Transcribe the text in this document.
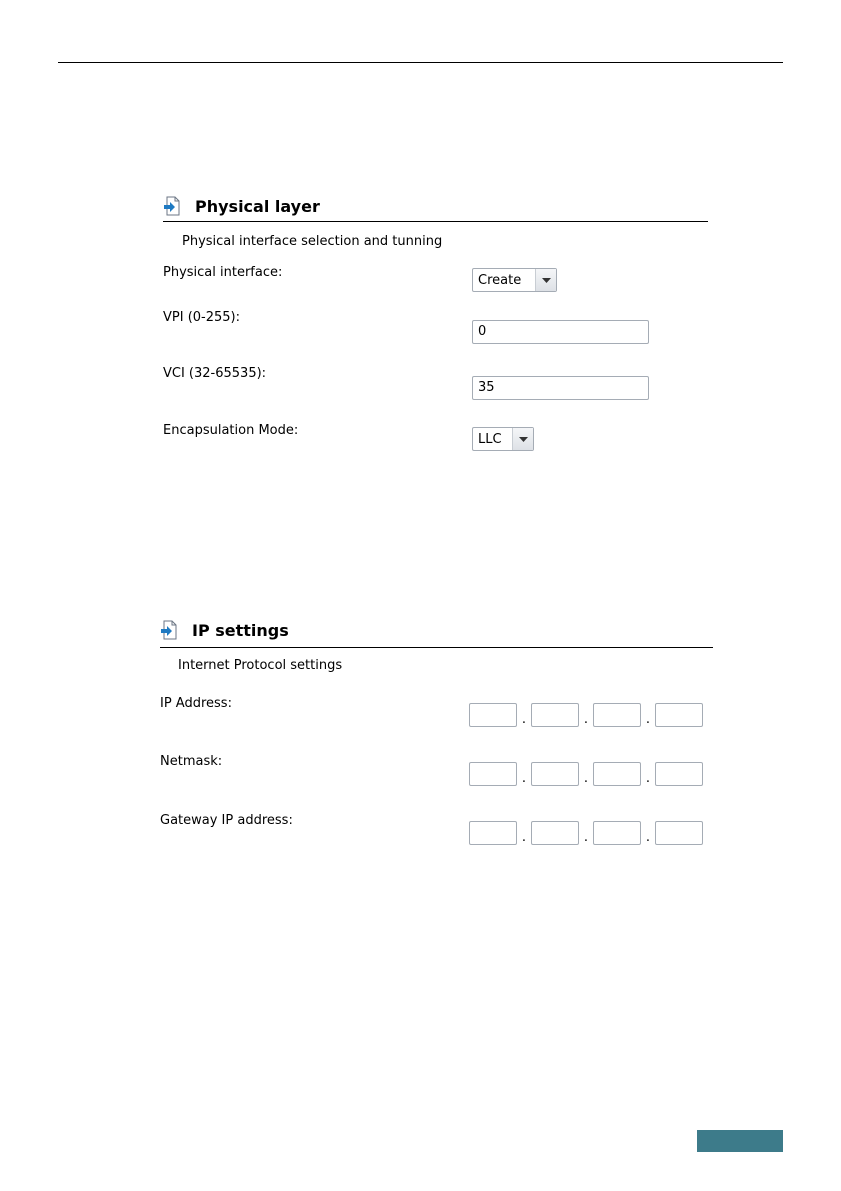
Physical layer
Physical interface selection and tunning
Physical interface:	Create
VPI (0-255):
0
VCI (32-65535):
35
Encapsulation Mode:
LLC
IP settings
Internet Protocol settings
IP Address:
.	.	.
Netmask:
.	.	.
Gateway IP address:
.	.	.
